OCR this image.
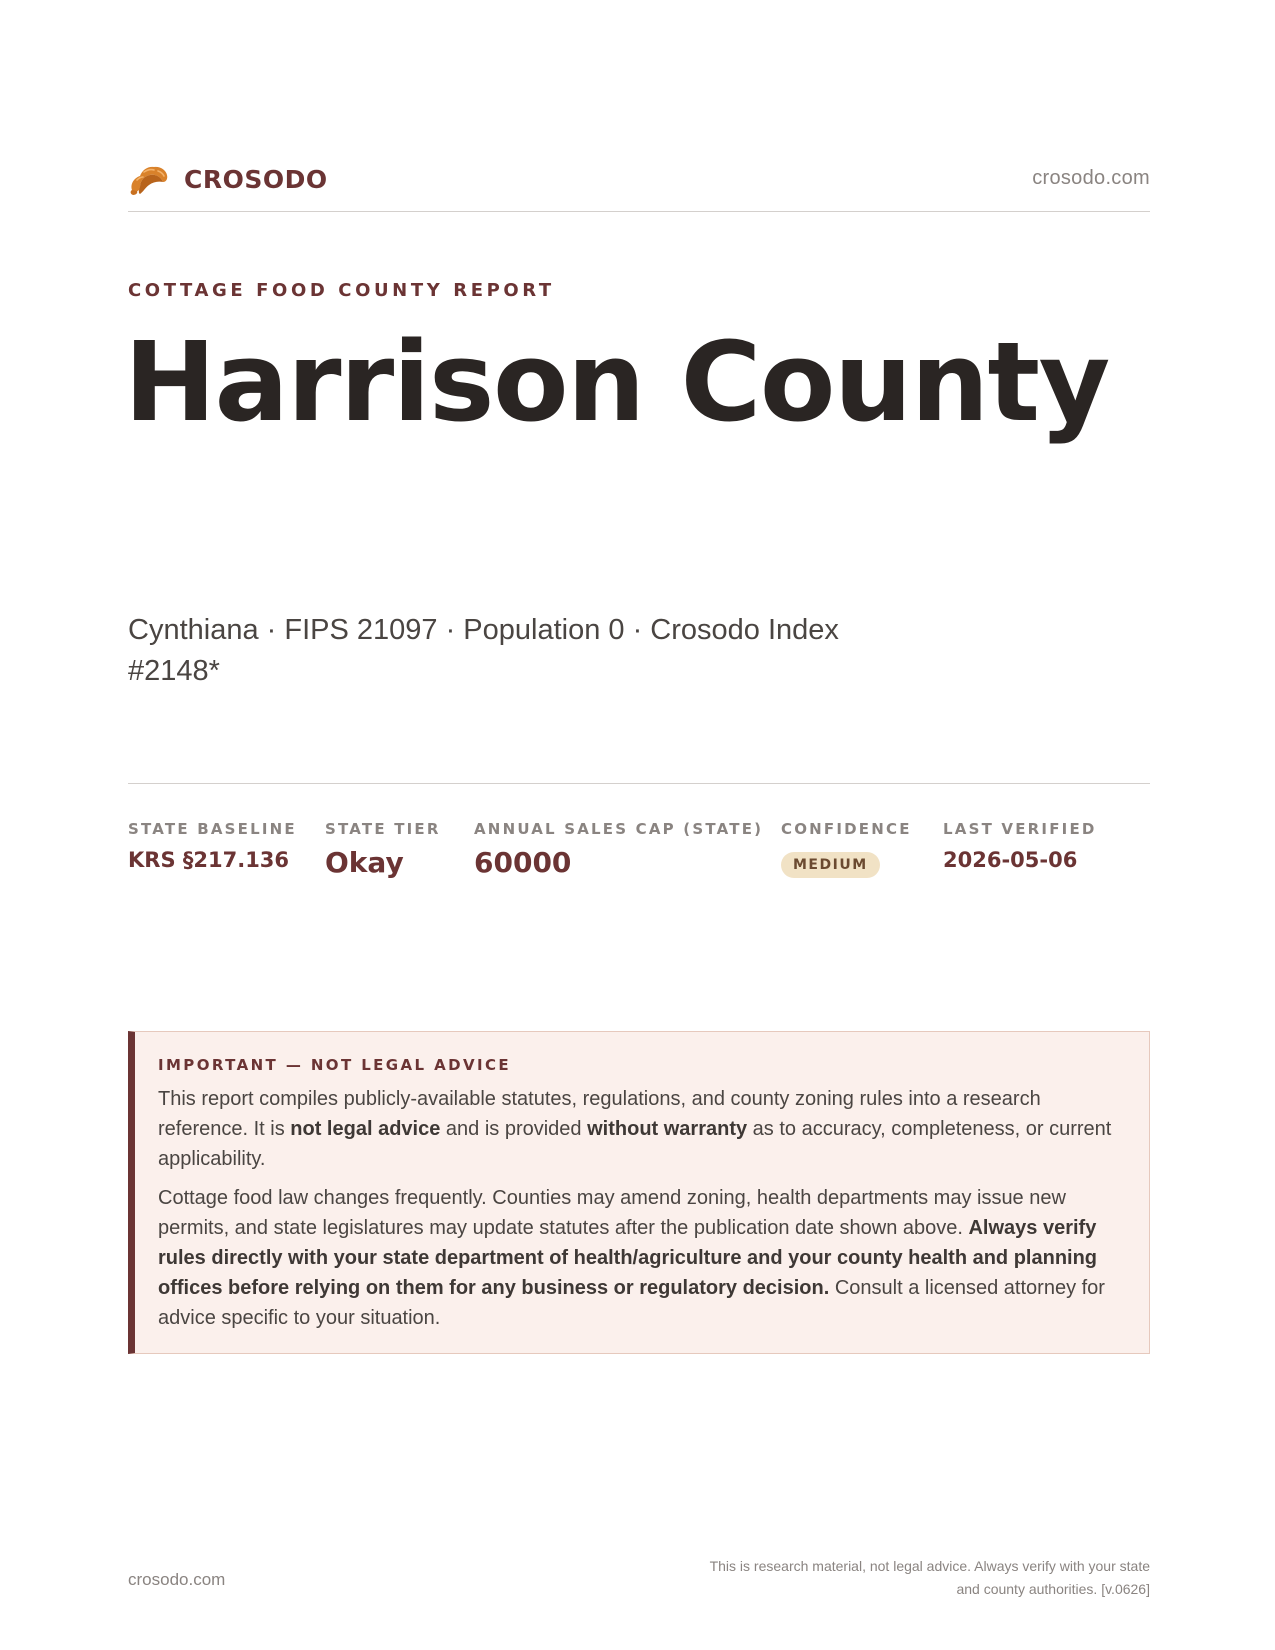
CROSODO	crosodo.com
COTTAGE FOOD COUNTY REPORT
Harrison County
Cynthiana · FIPS 21097 · Population 0 · Crosodo Index #2148*
STATE BASELINE
KRS §217.136
STATE TIER
Okay
ANNUAL SALES CAP (STATE)
60000
CONFIDENCE
MEDIUM
LAST VERIFIED
2026-05-06
IMPORTANT — NOT LEGAL ADVICE

This report compiles publicly-available statutes, regulations, and county zoning rules into a research reference. It is not legal advice and is provided without warranty as to accuracy, completeness, or current applicability.

Cottage food law changes frequently. Counties may amend zoning, health departments may issue new permits, and state legislatures may update statutes after the publication date shown above. Always verify rules directly with your state department of health/agriculture and your county health and planning offices before relying on them for any business or regulatory decision. Consult a licensed attorney for advice specific to your situation.

crosodo.com
This is research material, not legal advice. Always verify with your state
and county authorities. [v.0626]
